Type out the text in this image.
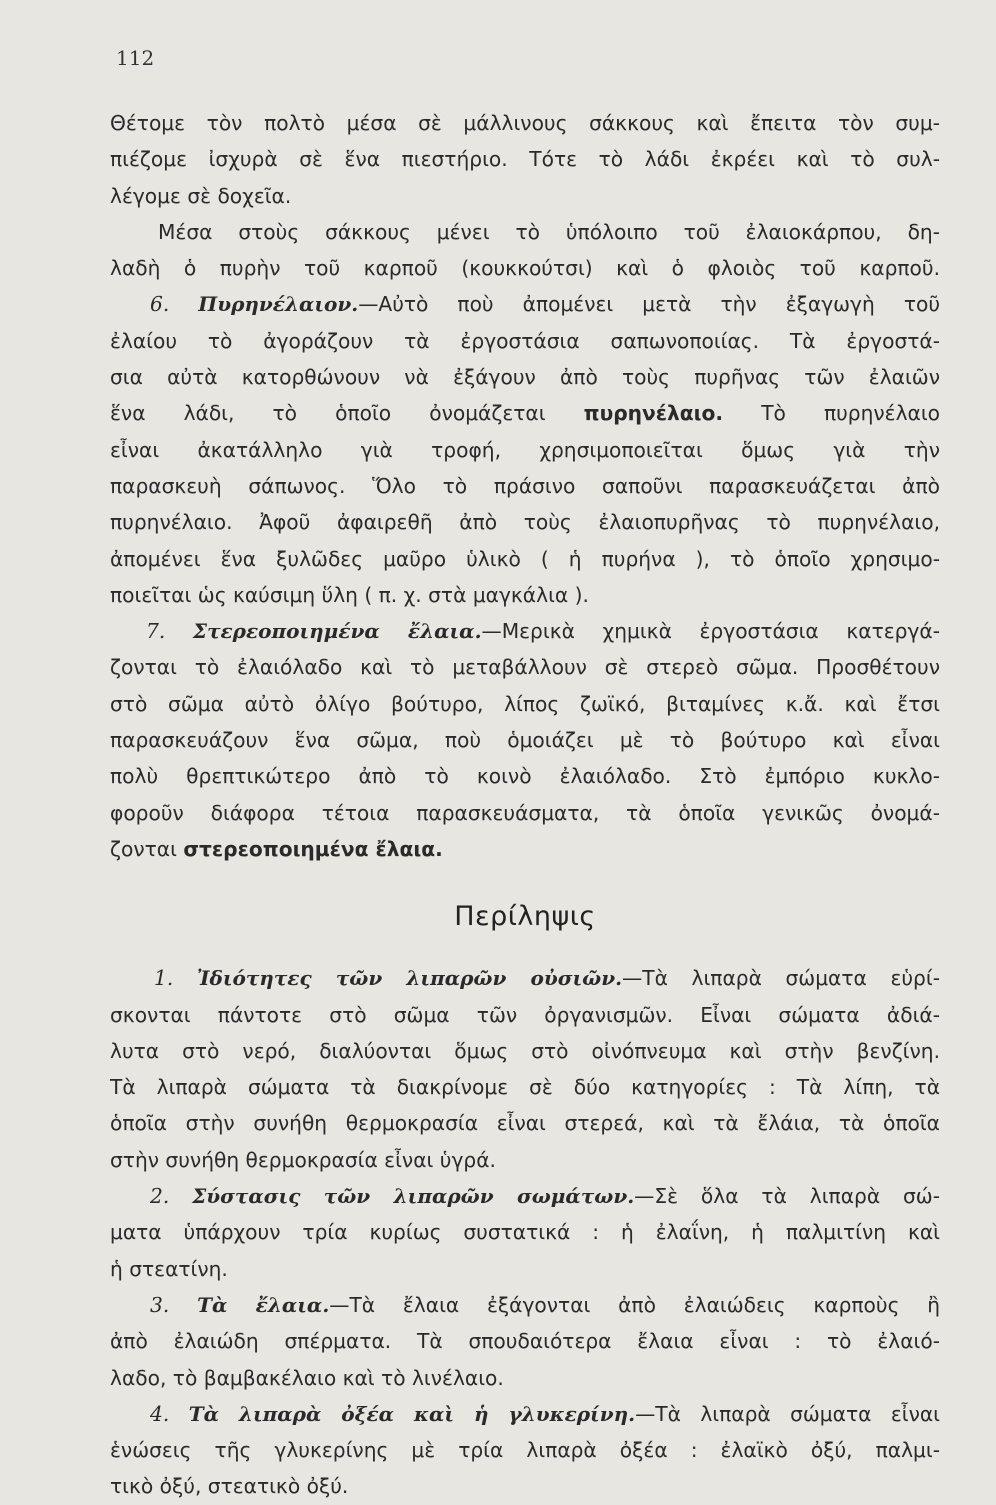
112

Θέτομε τὸν πολτὸ μέσα σὲ μάλλινους σάκκους καὶ ἔπειτα τὸν συμ-
πιέζομε ἰσχυρὰ σὲ ἕνα πιεστήριο. Τότε τὸ λάδι ἐκρέει καὶ τὸ συλ-
λέγομε σὲ δοχεῖα.

Μέσα στοὺς σάκκους μένει τὸ ὑπόλοιπο τοῦ ἐλαιοκάρπου, δη-
λαδὴ ὁ πυρὴν τοῦ καρποῦ (κουκκούτσι) καὶ ὁ φλοιὸς τοῦ καρποῦ.

6. Πυρηνέλαιον.—Αὐτὸ ποὺ ἀπομένει μετὰ τὴν ἐξαγωγὴ τοῦ
ἐλαίου τὸ ἀγοράζουν τὰ ἐργοστάσια σαπωνοποιίας. Τὰ ἐργοστά-
σια αὐτὰ κατορθώνουν νὰ ἐξάγουν ἀπὸ τοὺς πυρῆνας τῶν ἐλαιῶν
ἕνα λάδι, τὸ ὁποῖο ὀνομάζεται πυρηνέλαιο. Τὸ πυρηνέλαιο
εἶναι ἀκατάλληλο γιὰ τροφή, χρησιμοποιεῖται ὅμως γιὰ τὴν
παρασκευὴ σάπωνος. Ὅλο τὸ πράσινο σαποῦνι παρασκευάζεται ἀπὸ
πυρηνέλαιο. Ἀφοῦ ἀφαιρεθῆ ἀπὸ τοὺς ἐλαιοπυρῆνας τὸ πυρηνέλαιο,
ἀπομένει ἕνα ξυλῶδες μαῦρο ὑλικὸ ( ἡ πυρήνα ), τὸ ὁποῖο χρησιμο-
ποιεῖται ὡς καύσιμη ὕλη ( π. χ. στὰ μαγκάλια ).

7. Στερεοποιημένα ἔλαια.—Μερικὰ χημικὰ ἐργοστάσια κατεργά-
ζονται τὸ ἐλαιόλαδο καὶ τὸ μεταβάλλουν σὲ στερεὸ σῶμα. Προσθέτουν
στὸ σῶμα αὐτὸ ὀλίγο βούτυρο, λίπος ζωϊκό, βιταμίνες κ.ἄ. καὶ ἔτσι
παρασκευάζουν ἕνα σῶμα, ποὺ ὁμοιάζει μὲ τὸ βούτυρο καὶ εἶναι
πολὺ θρεπτικώτερο ἀπὸ τὸ κοινὸ ἐλαιόλαδο. Στὸ ἐμπόριο κυκλο-
φοροῦν διάφορα τέτοια παρασκευάσματα, τὰ ὁποῖα γενικῶς ὀνομά-
ζονται στερεοποιημένα ἔλαια.

Περίληψις

1. Ἰδιότητες τῶν λιπαρῶν οὐσιῶν.—Τὰ λιπαρὰ σώματα εὑρί-
σκονται πάντοτε στὸ σῶμα τῶν ὀργανισμῶν. Εἶναι σώματα ἀδιά-
λυτα στὸ νερό, διαλύονται ὅμως στὸ οἰνόπνευμα καὶ στὴν βενζίνη.
Τὰ λιπαρὰ σώματα τὰ διακρίνομε σὲ δύο κατηγορίες : Τὰ λίπη, τὰ
ὁποῖα στὴν συνήθη θερμοκρασία εἶναι στερεά, καὶ τὰ ἔλάια, τὰ ὁποῖα
στὴν συνήθη θερμοκρασία εἶναι ὑγρά.

2. Σύστασις τῶν λιπαρῶν σωμάτων.—Σὲ ὅλα τὰ λιπαρὰ σώ-
ματα ὑπάρχουν τρία κυρίως συστατικά : ἡ ἐλαΐνη, ἡ παλμιτίνη καὶ
ἡ στεατίνη.

3. Τὰ ἔλαια.—Τὰ ἔλαια ἐξάγονται ἀπὸ ἐλαιώδεις καρποὺς ἢ
ἀπὸ ἐλαιώδη σπέρματα. Τὰ σπουδαιότερα ἔλαια εἶναι : τὸ ἐλαιό-
λαδο, τὸ βαμβακέλαιο καὶ τὸ λινέλαιο.

4. Τὰ λιπαρὰ ὀξέα καὶ ἡ γλυκερίνη.—Τὰ λιπαρὰ σώματα εἶναι
ἑνώσεις τῆς γλυκερίνης μὲ τρία λιπαρὰ ὀξέα : ἐλαϊκὸ ὀξύ, παλμι-
τικὸ ὀξύ, στεατικὸ ὀξύ.
